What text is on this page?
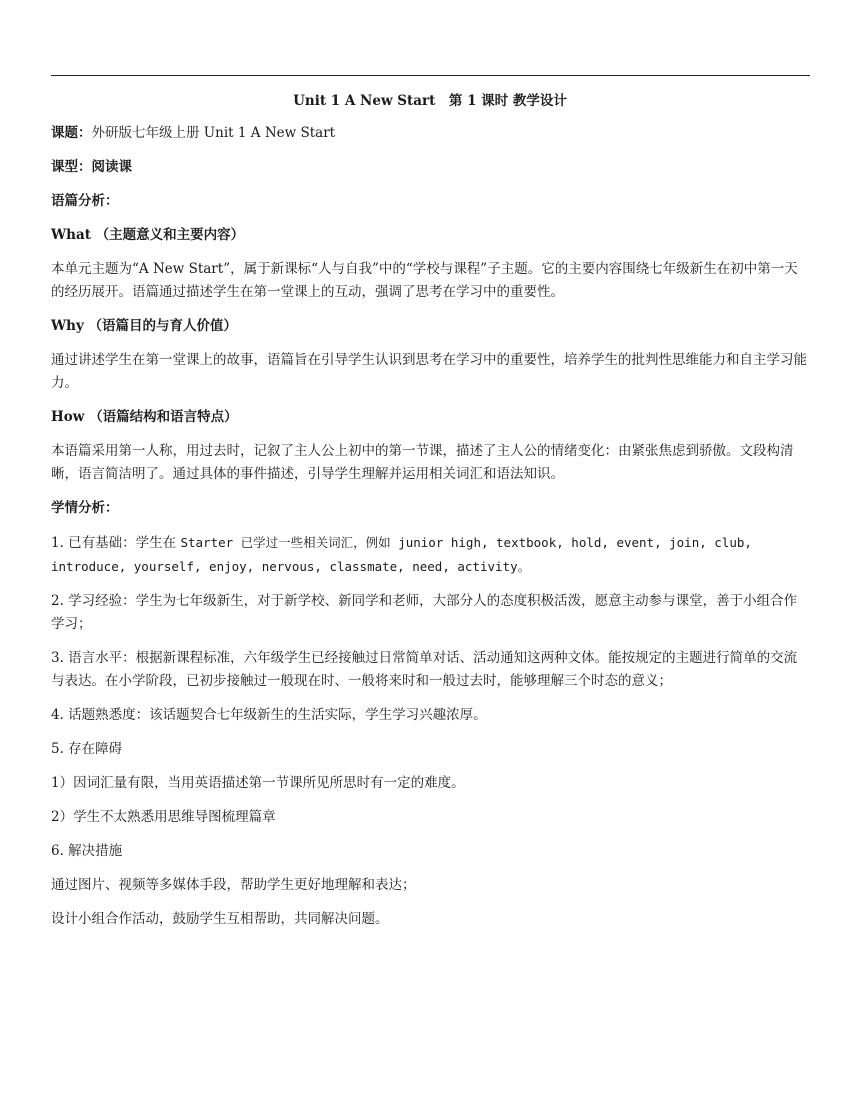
Unit 1 A New Start　第 1 课时 教学设计
课题：外研版七年级上册 Unit 1 A New Start
课型：阅读课
语篇分析：
What （主题意义和主要内容）
本单元主题为“A New Start”，属于新课标“人与自我”中的“学校与课程”子主题。它的主要内容围绕七年级新生在初中第一天的经历展开。语篇通过描述学生在第一堂课上的互动，强调了思考在学习中的重要性。
Why （语篇目的与育人价值）
通过讲述学生在第一堂课上的故事，语篇旨在引导学生认识到思考在学习中的重要性，培养学生的批判性思维能力和自主学习能力。
How （语篇结构和语言特点）
本语篇采用第一人称，用过去时，记叙了主人公上初中的第一节课，描述了主人公的情绪变化：由紧张焦虑到骄傲。文段构清晰，语言简洁明了。通过具体的事件描述，引导学生理解并运用相关词汇和语法知识。
学情分析：
1. 已有基础：学生在 Starter 已学过一些相关词汇，例如 junior high, textbook, hold, event, join, club, introduce, yourself, enjoy, nervous, classmate, need, activity。
2. 学习经验：学生为七年级新生，对于新学校、新同学和老师，大部分人的态度积极活泼，愿意主动参与课堂，善于小组合作学习；
3. 语言水平：根据新课程标准，六年级学生已经接触过日常简单对话、活动通知这两种文体。能按规定的主题进行简单的交流与表达。在小学阶段，已初步接触过一般现在时、一般将来时和一般过去时，能够理解三个时态的意义；
4. 话题熟悉度：该话题契合七年级新生的生活实际，学生学习兴趣浓厚。
5. 存在障碍
1）因词汇量有限，当用英语描述第一节课所见所思时有一定的难度。
2）学生不太熟悉用思维导图梳理篇章
6. 解决措施
通过图片、视频等多媒体手段，帮助学生更好地理解和表达；
设计小组合作活动，鼓励学生互相帮助，共同解决问题。
